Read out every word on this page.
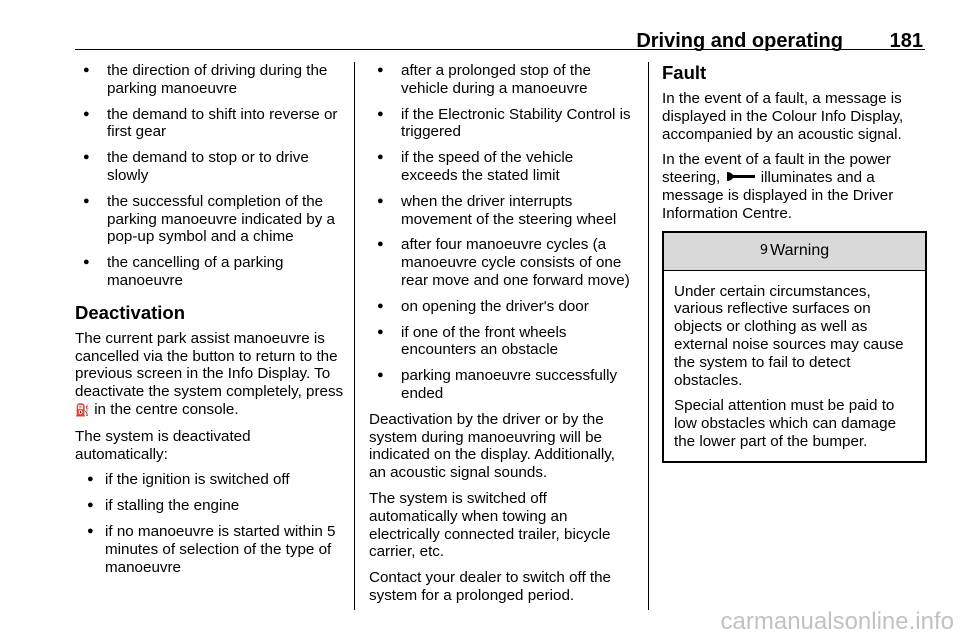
Driving and operating 181
● the direction of driving during the parking manoeuvre
● the demand to shift into reverse or first gear
● the demand to stop or to drive slowly
● the successful completion of the parking manoeuvre indicated by a pop-up symbol and a chime
● the cancelling of a parking manoeuvre
Deactivation

The current park assist manoeuvre is cancelled via the button to return to the previous screen in the Info Display. To deactivate the system completely, press ⛽ in the centre console.

The system is deactivated automatically:

● if the ignition is switched off
● if stalling the engine
● if no manoeuvre is started within 5 minutes of selection of the type of manoeuvre
● after a prolonged stop of the vehicle during a manoeuvre
● if the Electronic Stability Control is triggered
● if the speed of the vehicle exceeds the stated limit
● when the driver interrupts movement of the steering wheel
● after four manoeuvre cycles (a manoeuvre cycle consists of one rear move and one forward move)
● on opening the driver's door
● if one of the front wheels encounters an obstacle
● parking manoeuvre successfully ended

Deactivation by the driver or by the system during manoeuvring will be indicated on the display. Additionally, an acoustic signal sounds.

The system is switched off automatically when towing an electrically connected trailer, bicycle carrier, etc.

Contact your dealer to switch off the system for a prolonged period.

Fault

In the event of a fault, a message is displayed in the Colour Info Display, accompanied by an acoustic signal.

In the event of a fault in the power steering,	illuminates and a message is displayed in the Driver Information Centre.

9 Warning

Under certain circumstances, various reflective surfaces on objects or clothing as well as external noise sources may cause the system to fail to detect obstacles.

Special attention must be paid to low obstacles which can damage the lower part of the bumper.

carmanualsonline.info
